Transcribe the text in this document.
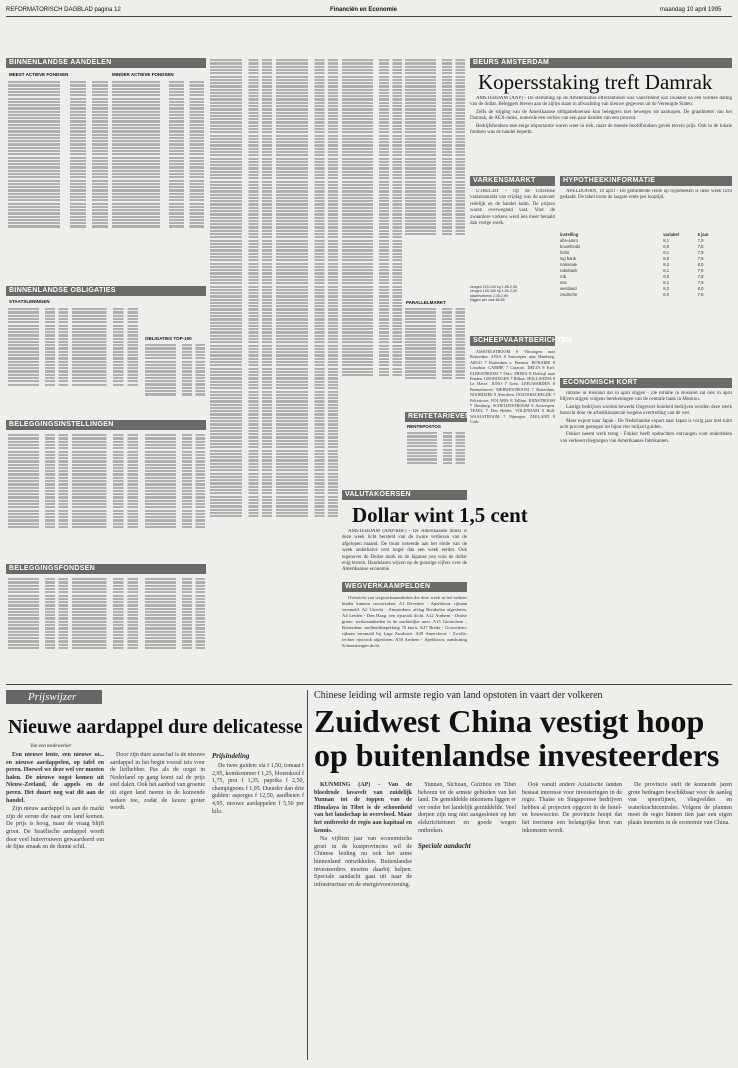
REFORMATORISCH DAGBLAD pagina 12	Financiën en Economie	maandag 10 april 1995
BINNENLANDSE AANDELEN
MEEST ACTIEVE FONDSEN	MINDER ACTIEVE FONDSEN
BINNENLANDSE OBLIGATIES
STAATSLENINGEN
OBLIGATIES TOP-100
BELEGGINGSINSTELLINGEN
BELEGGINGSFONDSEN
PARALLELMARKT
RENTETARIEVEN
RENTEPOSTOS
VALUTAKOERSEN
Dollar wint 1,5 cent

AMSTERDAM (ANP/RBF) - De Amerikaanse dollar is deze week licht hersteld van de zware verliezen van de afgelopen maand. De munt noteerde aan het einde van de week anderhalve cent hoger dan een week eerder. Ook tegenover de Duitse mark en de Japanse yen won de dollar enig terrein. Handelaren wijzen op de gunstige cijfers over de Amerikaanse economie.

WEGVERKAAMPELDEN

Overzicht van wegwerkzaamheden die deze week in het verkeer hinder kunnen veroorzaken. A1 Deventer - Apeldoorn: rijbaan versmald. A2 Utrecht - Amsterdam: afslag Breukelen afgesloten. A4 Leiden - Den Haag: een rijstrook dicht. A12 Arnhem - Duitse grens: werkzaamheden in de nachtelijke uren. A15 Gorinchem - Rotterdam: snelheidsbeperking 70 km/u. A27 Breda - Gorinchem: rijbaan versmald bij Lage Zwaluwe. A28 Amersfoort - Zwolle: rechter rijstrook afgesloten. A50 Arnhem - Apeldoorn: aansluiting Schaarsbergen dicht.

BEURS AMSTERDAM
Kopersstaking treft Damrak

AMSTERDAM (ANP) - De stemming op de Amsterdamse effectenbeurs was vanochtend wat zwakker na een verdere daling van de dollar. Beleggers bleven aan de zijlijn staan in afwachting van nieuwe gegevens uit de Verenigde Staten.

Zelfs de stijging van de Amerikaanse obligatiekoersen kon beleggers niet bewegen tot aankopen. De graadmeter van het Damrak, de AEX-index, noteerde een verlies van een paar tienden van een procent.

Bedrijfsfondsen met enige importantie waren weer in trek, maar de meeste hoofdfondsen gaven terrein prijs. Ook in de lokale fondsen was de handel beperkt.

VARKENSMARKT

UTRECHT - Op de Utrechtse varkensmarkt van vrijdag was de aanvoer redelijk en de handel kalm. De prijzen waren overwegend vast. Voor de zwaardere varkens werd iets meer betaald dan vorige week.

zeugen 120-140 kg 1,85-2,05
zeugen 140-160 kg 1,80-2,00
slachtvarkens 2,35-2,60
biggen per stuk 68-85
HYPOTHEEKINFORMATIE

APELDOORN, 10 april - De gemiddelde rente op hypotheken is deze week licht gedaald. De tabel toont de laagste rente per looptijd.

instelling	variabel	5 jaar
abn-amro	8,1	7,9
bouwfonds	8,0	7,8
fortis	8,1	7,9
ing bank	8,0	7,8
nationale	8,2	8,0
rabobank	8,1	7,9
rob	8,0	7,8
sns	8,1	7,9
westland	8,2	8,0
zwolsche	8,0	7,8
SCHEEPVAARTBERICHTEN

AMSTELSTROOM 8 Vlissingen naar Rotterdam. ANJA 8 Antwerpen naar Hamburg. ARGO 7 Rotterdam v. Bremen. BONAIRE 8 Lissabon. CARIBE 7 Curacao. DELTA 8 Kiel. ELBESTROOM 7 Oslo. FRISIA 8 Delfzijl naar Emden. GRONINGEN 7 Bilbao. HOLLANDIA 8 Le Havre. JUNO 7 Gent. LEEUWARDEN 8 Bremerhaven. MERWESTROOM 7 Rotterdam. NOORDZEE 8 Aberdeen. OOSTERSCHELDE 7 Felixstowe. POLARIS 8 Tallinn. RIJNSTROOM 7 Duisburg. SCHELDESTROOM 8 Antwerpen. TEXEL 7 Den Helder. VOLENDAM 8 Hull. WAALSTROOM 7 Nijmegen. ZEELAND 8 Cork.

ECONOMISCH KORT

Inflatie in Rusland dal in april stijgen - De inflatie in Rusland zal ook in april blijven stijgen volgens berekeningen van de centrale bank in Moskou.

Lastige bedrijven worden bewerkt Ongeveer honderd bedrijven worden deze week bezocht door de arbeidsinspectie wegens overtreding van de wet.

Meer export naar Japan - De Nederlandse export naar Japan is vorig jaar met ruim acht procent gestegen tot bijna vier miljard gulden.

Fokker neemt werk terug - Fokker heeft opdrachten ontvangen voor onderdelen van verkeersvliegtuigen van Amerikaanse fabrikanten.

Prijswijzer
Nieuwe aardappel dure delicatesse
Van een medewerker

Een nieuwe lente, een nieuwe ui... en nieuwe aardappelen, op tafel en peren. Hoewel we deze wel ver moeten halen. De nieuwe oogst komen uit Nieuw-Zeeland, de appels en de peren. Het duurt nog wat dit aan de handel.

Zijn nieuw aardappel is aan de markt zijn de eerste die naar ons land komen. De prijs is hoog, maar de vraag blijft groot. De Israëlische aardappel wordt door veel huisvrouwen gewaardeerd om de fijne smaak en de dunne schil.

Door zijn dure aanschaf is de nieuwe aardappel in het begin vooral iets voor de liefhebber. Pas als de oogst in Nederland op gang komt zal de prijs snel dalen. Ook het aanbod van groente uit eigen land neemt in de komende weken toe, zodat de keuze groter wordt.

Prijsindeling

De twee gulden: sla f 1,50, tomaat f 2,95, komkommer f 1,25, bloemkool f 1,75, prei f 1,35, paprika f 2,50, champignons f 1,95. Duurder dan drie gulden: asperges f 12,50, aardbeien f 4,95, nieuwe aardappelen f 5,50 per kilo.

Chinese leiding wil armste regio van land opstoten in vaart der volkeren
Zuidwest China vestigt hoop op buitenlandse investeerders

KUNMING (AP) - Van de bloedrode lavavelt van zuidelijk Yunnan tot de toppen van de Himalaya in Tibet is de schoonheid van het landschap in overvloed. Maar het ontbreekt de regio aan kapitaal en kennis.

Na vijftien jaar van economische groei in de kustprovincies wil de Chinese leiding nu ook het arme binnenland ontwikkelen. Buitenlandse investeerders moeten daarbij helpen. Speciale aandacht gaat uit naar de infrastructuur en de energievoorziening.

Yunnan, Sichuan, Guizhou en Tibet behoren tot de armste gebieden van het land. De gemiddelde inkomens liggen er ver onder het landelijk gemiddelde. Veel dorpen zijn nog niet aangesloten op het elektriciteitsnet en goede wegen ontbreken.

Speciale aandacht

Ook vanuit andere Aziatische landen bestaat interesse voor investeringen in de regio. Thaise en Singaporese bedrijven hebben al projecten opgezet in de hotel- en bouwsector. De provincie hoopt dat het toerisme een belangrijke bron van inkomsten wordt.

De provincie stelt de komende jaren grote bedragen beschikbaar voor de aanleg van spoorlijnen, vliegvelden en waterkrachtcentrales. Volgens de plannen moet de regio binnen tien jaar een eigen plaats innemen in de economie van China.
